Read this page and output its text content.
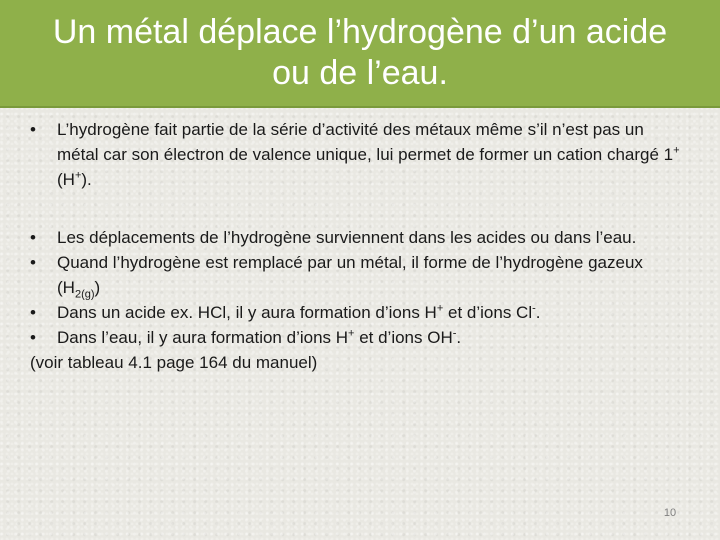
Un métal déplace l’hydrogène d’un acide
ou de l’eau.
•	L’hydrogène fait partie de la série d’activité des métaux même s’il n’est pas un métal car son électron de valence unique, lui permet de former un cation chargé 1+ (H+).
•	Les déplacements de l’hydrogène surviennent dans les acides ou dans l’eau.
•	Quand l’hydrogène est remplacé par un métal, il forme de l’hydrogène gazeux $(H_{2(g)})$
•	Dans un acide ex. HCl, il y aura formation d’ions H+ et d’ions Cl-.
•	Dans l’eau, il y aura formation d’ions H+ et d’ions OH-.
(voir tableau 4.1 page 164 du manuel)
10
